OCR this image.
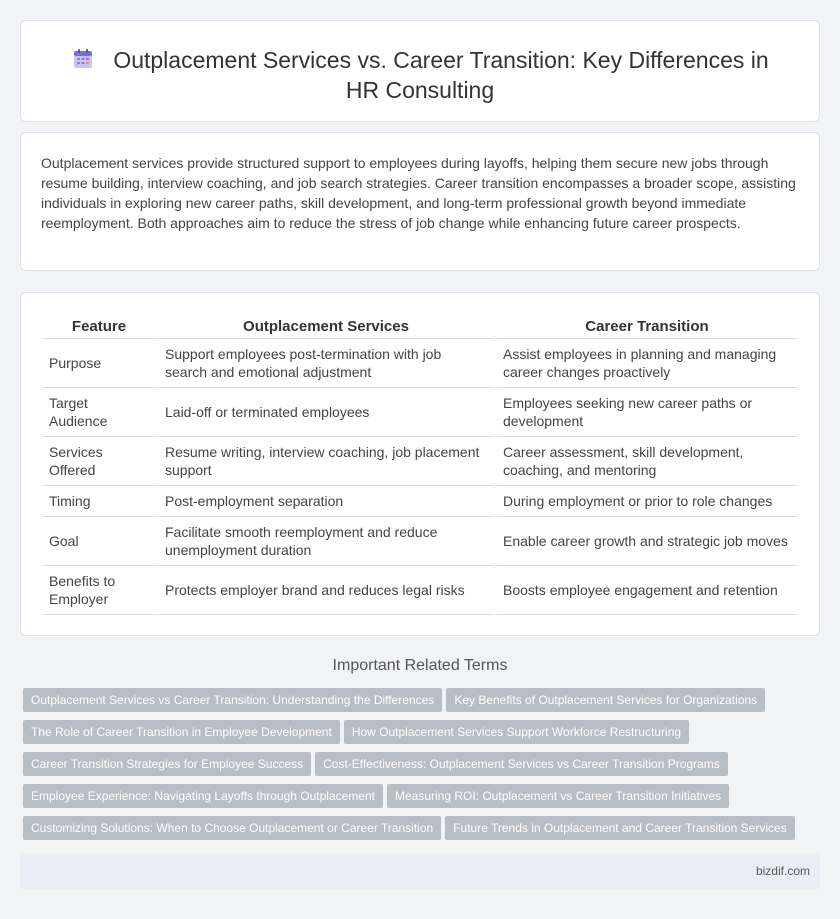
Outplacement Services vs. Career Transition: Key Differences in HR Consulting

Outplacement services provide structured support to employees during layoffs, helping them secure new jobs through resume building, interview coaching, and job search strategies. Career transition encompasses a broader scope, assisting individuals in exploring new career paths, skill development, and long-term professional growth beyond immediate reemployment. Both approaches aim to reduce the stress of job change while enhancing future career prospects.

Feature	Outplacement Services	Career Transition
Purpose	Support employees post-termination with job search and emotional adjustment	Assist employees in planning and managing career changes proactively
Target Audience	Laid-off or terminated employees	Employees seeking new career paths or development
Services Offered	Resume writing, interview coaching, job placement support	Career assessment, skill development, coaching, and mentoring
Timing	Post-employment separation	During employment or prior to role changes
Goal	Facilitate smooth reemployment and reduce unemployment duration	Enable career growth and strategic job moves
Benefits to Employer	Protects employer brand and reduces legal risks	Boosts employee engagement and retention
Important Related Terms
Outplacement Services vs Career Transition: Understanding the Differences Key Benefits of Outplacement Services for Organizations
The Role of Career Transition in Employee Development How Outplacement Services Support Workforce Restructuring
Career Transition Strategies for Employee Success Cost-Effectiveness: Outplacement Services vs Career Transition Programs
Employee Experience: Navigating Layoffs through Outplacement Measuring ROI: Outplacement vs Career Transition Initiatives
Customizing Solutions: When to Choose Outplacement or Career Transition Future Trends in Outplacement and Career Transition Services
bizdif.com
